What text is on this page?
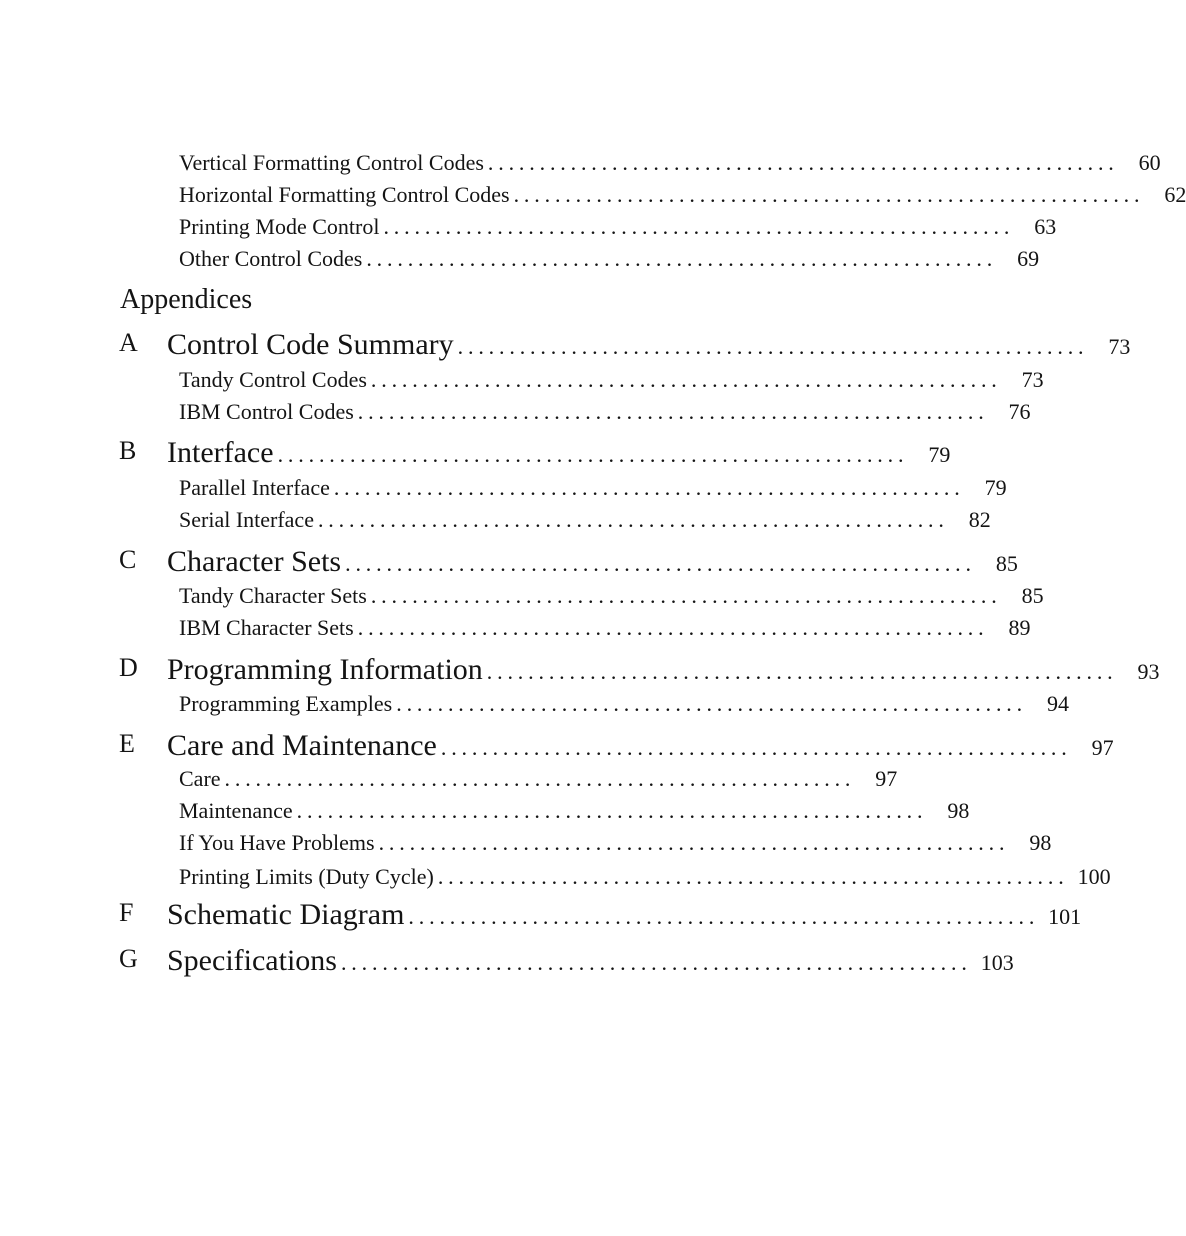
Vertical Formatting Control Codes ............................................................. 60
Horizontal Formatting Control Codes ............................................................. 62
Printing Mode Control ............................................................. 63
Other Control Codes ............................................................. 69
Appendices
A Control Code Summary ............................................................. 73
Tandy Control Codes ............................................................. 73
IBM Control Codes ............................................................. 76
B Interface ............................................................. 79
Parallel Interface ............................................................. 79
Serial Interface ............................................................. 82
C Character Sets ............................................................. 85
Tandy Character Sets ............................................................. 85
IBM Character Sets ............................................................. 89
D Programming Information ............................................................. 93
Programming Examples ............................................................. 94
E Care and Maintenance ............................................................. 97
Care ............................................................. 97
Maintenance ............................................................. 98
If You Have Problems ............................................................. 98
Printing Limits (Duty Cycle) ............................................................. 100
F Schematic Diagram ............................................................. 101
G Specifications ............................................................. 103
